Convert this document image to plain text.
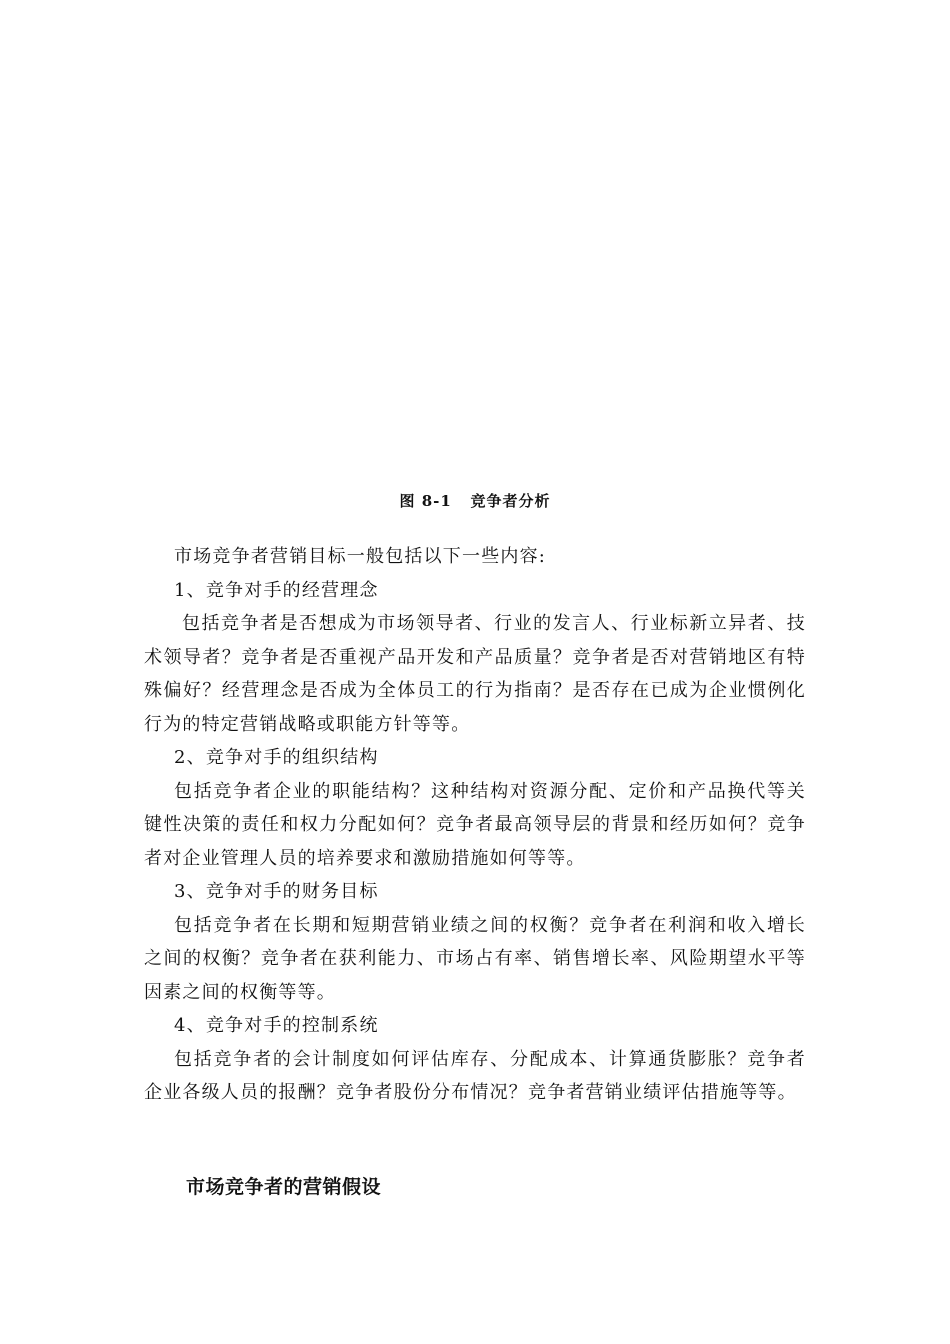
图 8-1   竞争者分析

市场竞争者营销目标一般包括以下一些内容:

1、竞争对手的经营理念

包括竞争者是否想成为市场领导者、行业的发言人、行业标新立异者、技

术领导者？竞争者是否重视产品开发和产品质量？竞争者是否对营销地区有特

殊偏好？经营理念是否成为全体员工的行为指南？是否存在已成为企业惯例化

行为的特定营销战略或职能方针等等。

2、竞争对手的组织结构

包括竞争者企业的职能结构？这种结构对资源分配、定价和产品换代等关

键性决策的责任和权力分配如何？竞争者最高领导层的背景和经历如何？竞争

者对企业管理人员的培养要求和激励措施如何等等。

3、竞争对手的财务目标

包括竞争者在长期和短期营销业绩之间的权衡？竞争者在利润和收入增长

之间的权衡？竞争者在获利能力、市场占有率、销售增长率、风险期望水平等

因素之间的权衡等等。

4、竞争对手的控制系统

包括竞争者的会计制度如何评估库存、分配成本、计算通货膨胀？竞争者

企业各级人员的报酬？竞争者股份分布情况？竞争者营销业绩评估措施等等。

市场竞争者的营销假设
